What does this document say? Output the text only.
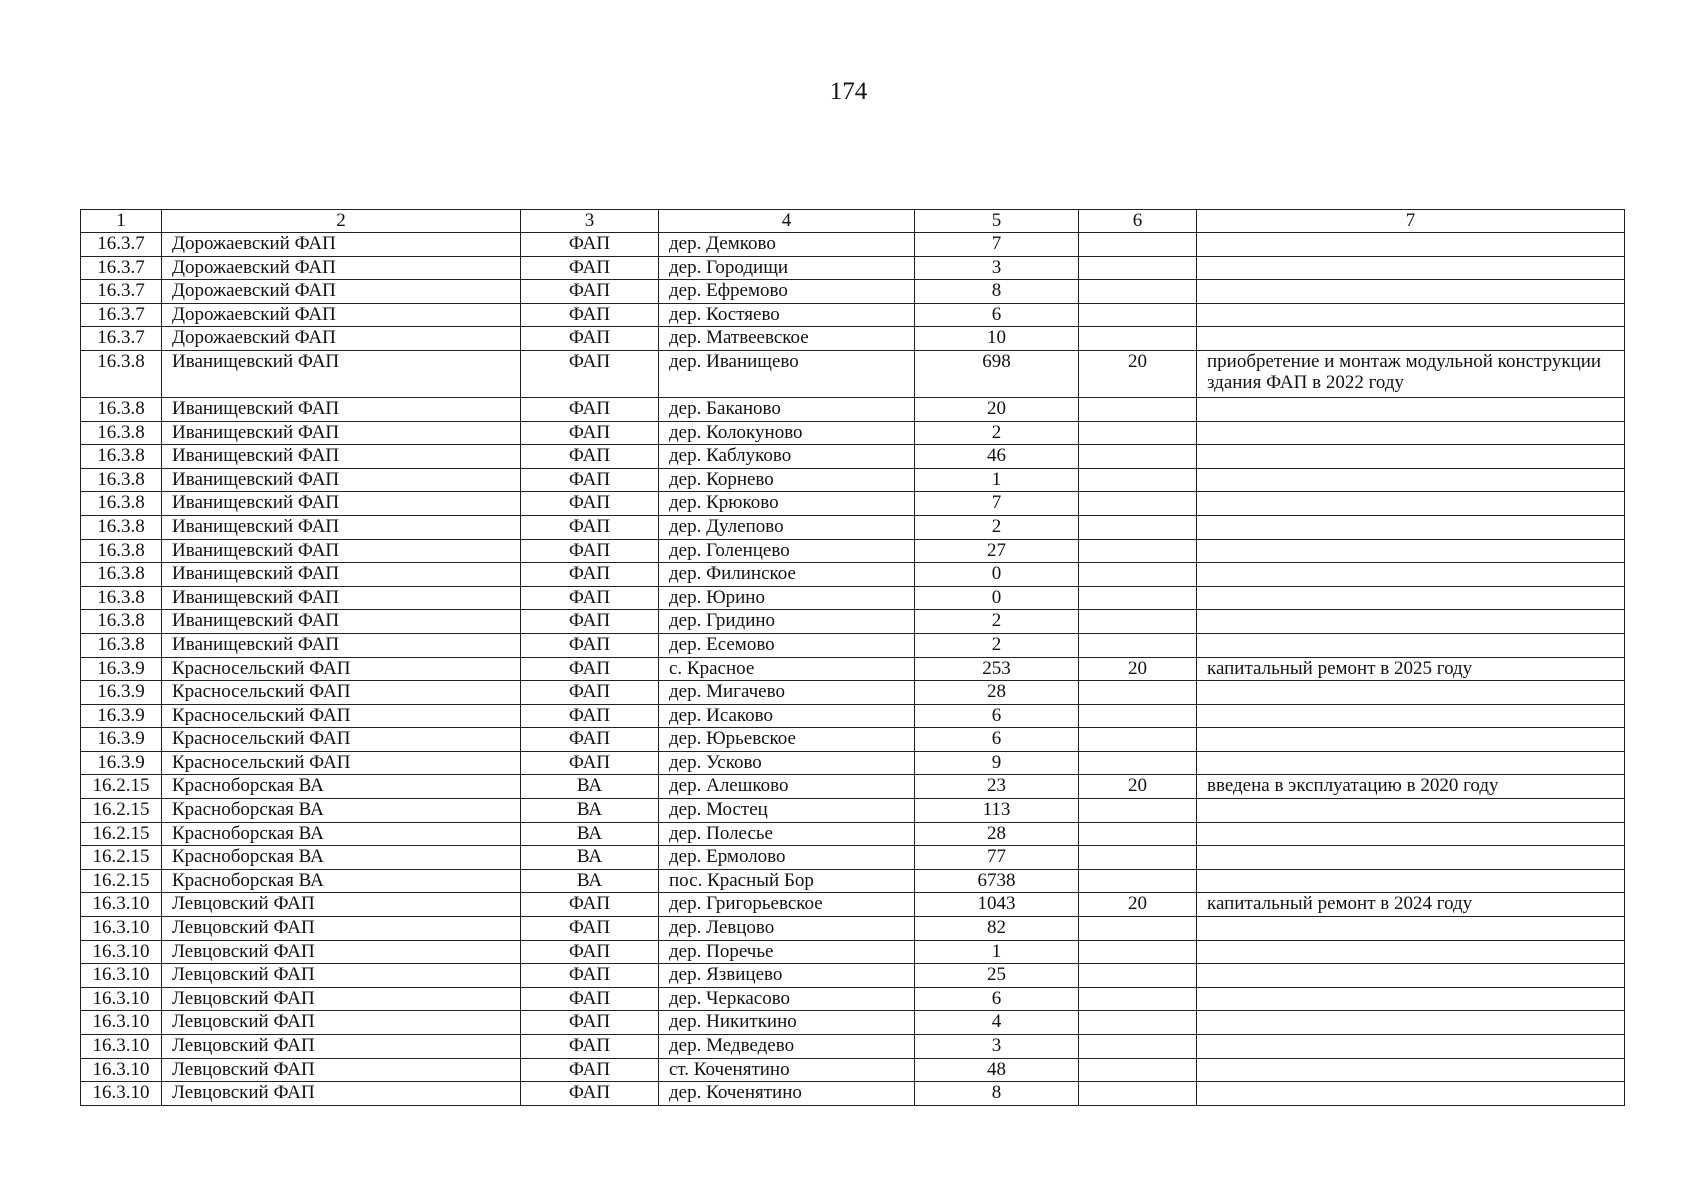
174
1	2	3	4	5	6	7
16.3.7	Дорожаевский ФАП	ФАП	дер. Демково	7		
16.3.7	Дорожаевский ФАП	ФАП	дер. Городищи	3		
16.3.7	Дорожаевский ФАП	ФАП	дер. Ефремово	8		
16.3.7	Дорожаевский ФАП	ФАП	дер. Костяево	6		
16.3.7	Дорожаевский ФАП	ФАП	дер. Матвеевское	10		
16.3.8	Иванищевский ФАП	ФАП	дер. Иванищево	698	20	приобретение и монтаж модульной конструкции здания ФАП в 2022 году
16.3.8	Иванищевский ФАП	ФАП	дер. Баканово	20		
16.3.8	Иванищевский ФАП	ФАП	дер. Колокуново	2		
16.3.8	Иванищевский ФАП	ФАП	дер. Каблуково	46		
16.3.8	Иванищевский ФАП	ФАП	дер. Корнево	1		
16.3.8	Иванищевский ФАП	ФАП	дер. Крюково	7		
16.3.8	Иванищевский ФАП	ФАП	дер. Дулепово	2		
16.3.8	Иванищевский ФАП	ФАП	дер. Голенцево	27		
16.3.8	Иванищевский ФАП	ФАП	дер. Филинское	0		
16.3.8	Иванищевский ФАП	ФАП	дер. Юрино	0		
16.3.8	Иванищевский ФАП	ФАП	дер. Гридино	2		
16.3.8	Иванищевский ФАП	ФАП	дер. Есемово	2		
16.3.9	Красносельский ФАП	ФАП	с. Красное	253	20	капитальный ремонт в 2025 году
16.3.9	Красносельский ФАП	ФАП	дер. Мигачево	28		
16.3.9	Красносельский ФАП	ФАП	дер. Исаково	6		
16.3.9	Красносельский ФАП	ФАП	дер. Юрьевское	6		
16.3.9	Красносельский ФАП	ФАП	дер. Усково	9		
16.2.15	Красноборская ВА	ВА	дер. Алешково	23	20	введена в эксплуатацию в 2020 году
16.2.15	Красноборская ВА	ВА	дер. Мостец	113		
16.2.15	Красноборская ВА	ВА	дер. Полесье	28		
16.2.15	Красноборская ВА	ВА	дер. Ермолово	77		
16.2.15	Красноборская ВА	ВА	пос. Красный Бор	6738		
16.3.10	Левцовский ФАП	ФАП	дер. Григорьевское	1043	20	капитальный ремонт в 2024 году
16.3.10	Левцовский ФАП	ФАП	дер. Левцово	82		
16.3.10	Левцовский ФАП	ФАП	дер. Поречье	1		
16.3.10	Левцовский ФАП	ФАП	дер. Язвицево	25		
16.3.10	Левцовский ФАП	ФАП	дер. Черкасово	6		
16.3.10	Левцовский ФАП	ФАП	дер. Никиткино	4		
16.3.10	Левцовский ФАП	ФАП	дер. Медведево	3		
16.3.10	Левцовский ФАП	ФАП	ст. Коченятино	48		
16.3.10	Левцовский ФАП	ФАП	дер. Коченятино	8		
